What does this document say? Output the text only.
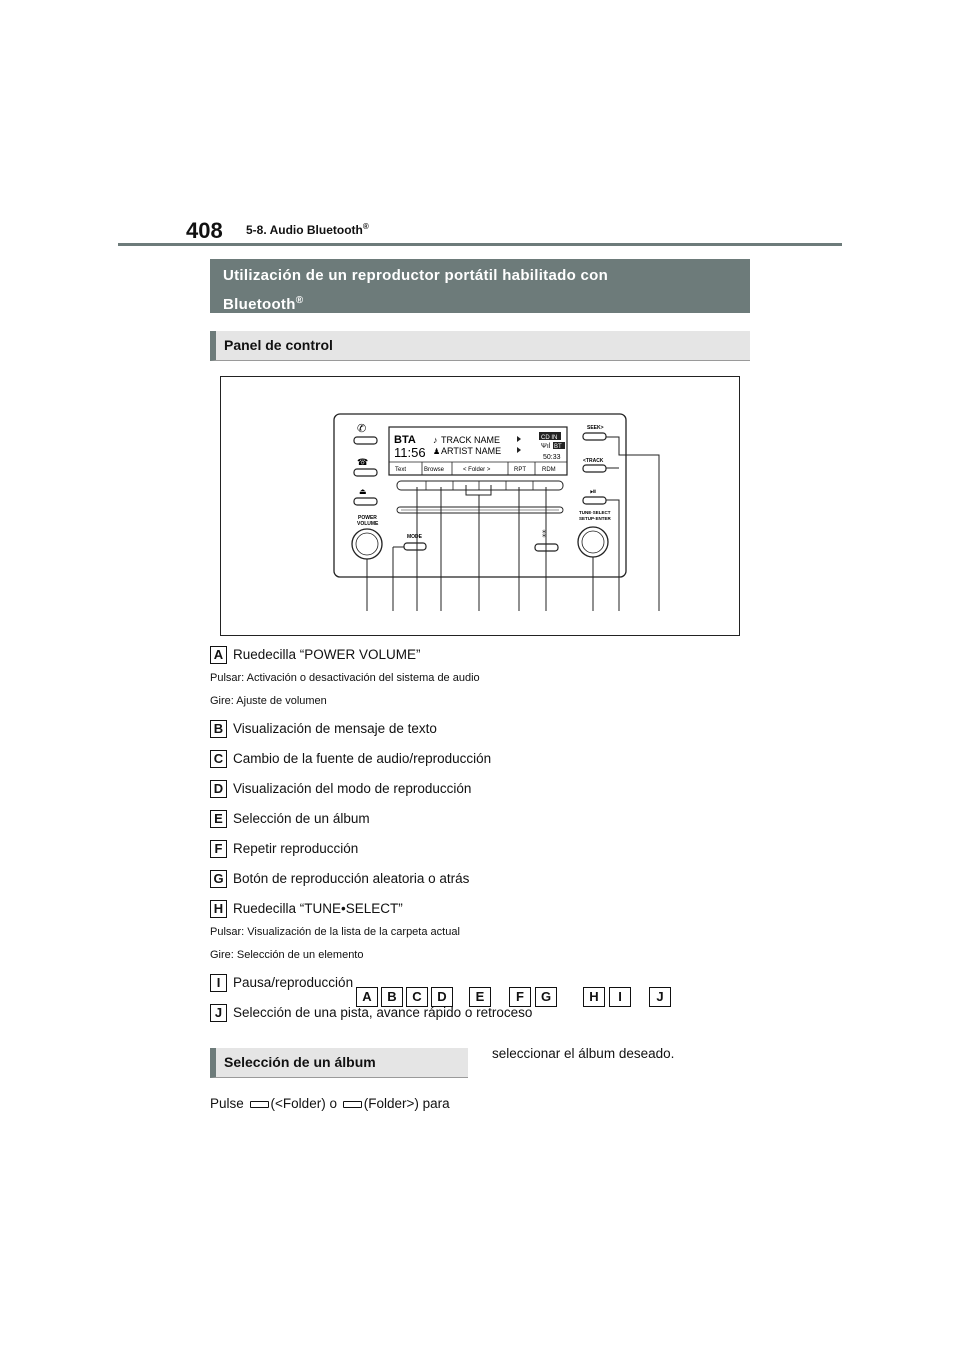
408 5-8. Audio Bluetooth®
Utilización de un reproductor portátil habilitado con
Bluetooth®
Panel de control
BTA
11:56
♪ TRACK NAME
♟ ARTIST NAME
CD IN
Ψıl BT
50:33
Text	Browse	< Folder >	RPT	RDM
✆
☎
⏏
POWER
VOLUME
MODE
SEEK>
<TRACK
⏯
TUNE·SELECT
SETUP·ENTER
⁑
A	B	C	D	E	F	G	H	I	J
A Ruedecilla “POWER VOLUME”
Pulsar: Activación o desactivación del sistema de audio
Gire: Ajuste de volumen
B Visualización de mensaje de texto
C Cambio de la fuente de audio/reproducción
D Visualización del modo de reproducción
E Selección de un álbum
F Repetir reproducción
G Botón de reproducción aleatoria o atrás
H Ruedecilla “TUNE•SELECT”
Pulsar: Visualización de la lista de la carpeta actual
Gire: Selección de un elemento
I Pausa/reproducción
J Selección de una pista, avance rápido o retroceso
Selección de un álbum
seleccionar el álbum deseado.
Pulse (<Folder) o (Folder>) para
